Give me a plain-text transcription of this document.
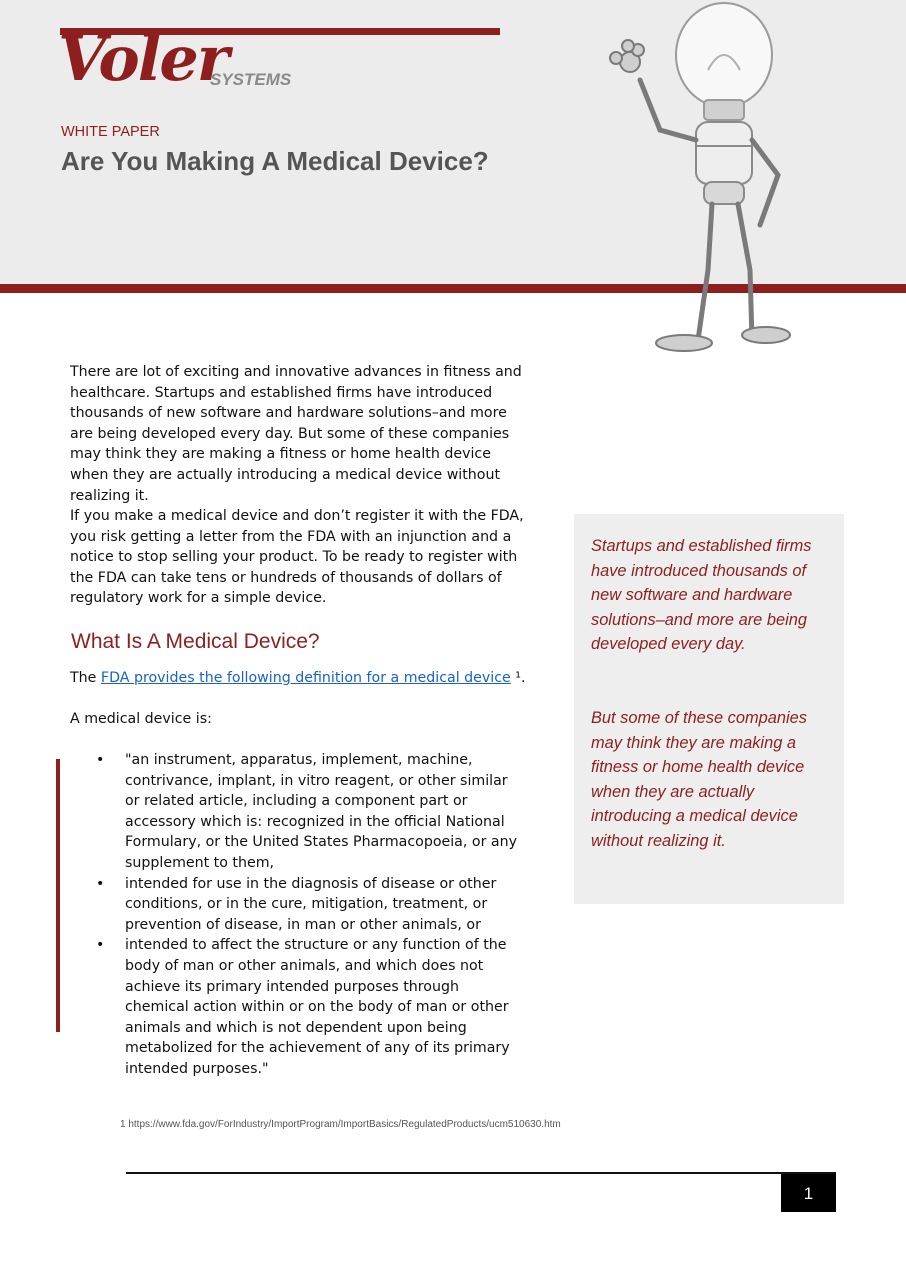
Voler
SYSTEMS
WHITE PAPER
Are You Making A Medical Device?

There are lot of exciting and innovative advances in fitness and healthcare. Startups and established firms have introduced thousands of new software and hardware solutions–and more are being developed every day. But some of these companies may think they are making a fitness or home health device when they are actually introducing a medical device without realizing it.

If you make a medical device and don’t register it with the FDA, you risk getting a letter from the FDA with an injunction and a notice to stop selling your product. To be ready to register with the FDA can take tens or hundreds of thousands of dollars of regulatory work for a simple device.

What Is A Medical Device?

The FDA provides the following definition for a medical device ¹.

A medical device is:

• "an instrument, apparatus, implement, machine, contrivance, implant, in vitro reagent, or other similar or related article, including a component part or accessory which is: recognized in the official National Formulary, or the United States Pharmacopoeia, or any supplement to them,
• intended for use in the diagnosis of disease or other conditions, or in the cure, mitigation, treatment, or prevention of disease, in man or other animals, or
• intended to affect the structure or any function of the body of man or other animals, and which does not achieve its primary intended purposes through chemical action within or on the body of man or other animals and which is not dependent upon being metabolized for the achievement of any of its primary intended purposes."

Startups and established firms have introduced thousands of new software and hardware solutions–and more are being developed every day.

But some of these companies may think they are making a fitness or home health device when they are actually introducing a medical device without realizing it.

1 https://www.fda.gov/ForIndustry/ImportProgram/ImportBasics/RegulatedProducts/ucm510630.htm
1
